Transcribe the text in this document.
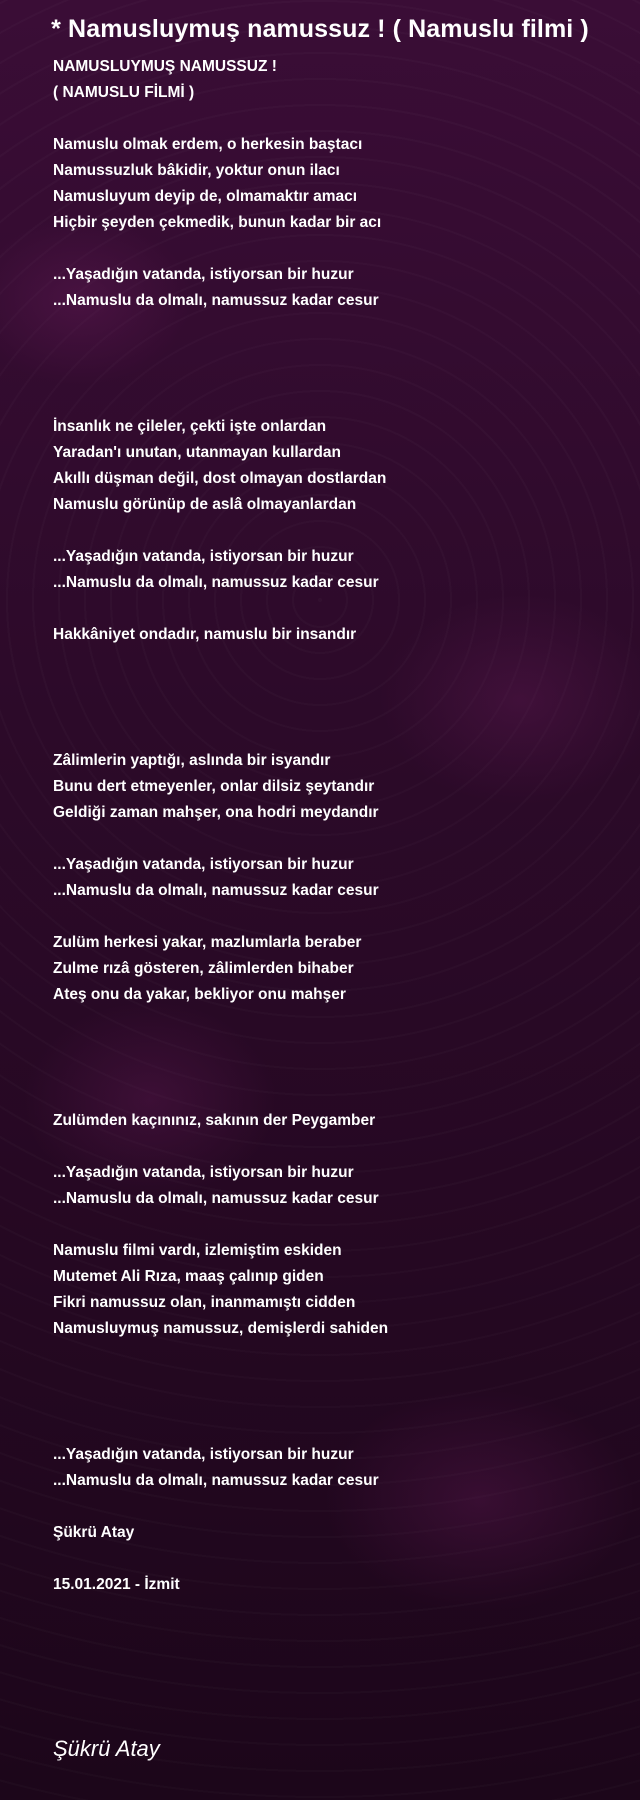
* Namusluymuş namussuz ! ( Namuslu filmi )
NAMUSLUYMUŞ NAMUSSUZ !
( NAMUSLU FİLMİ )
Namuslu olmak erdem, o herkesin baştacı
Namussuzluk bâkidir, yoktur onun ilacı
Namusluyum deyip de, olmamaktır amacı
Hiçbir şeyden çekmedik, bunun kadar bir acı
...Yaşadığın vatanda, istiyorsan bir huzur
...Namuslu da olmalı, namussuz kadar cesur
İnsanlık ne çileler, çekti işte onlardan
Yaradan'ı unutan, utanmayan kullardan
Akıllı düşman değil, dost olmayan dostlardan
Namuslu görünüp de aslâ olmayanlardan
...Yaşadığın vatanda, istiyorsan bir huzur
...Namuslu da olmalı, namussuz kadar cesur
Hakkâniyet ondadır, namuslu bir insandır
Zâlimlerin yaptığı, aslında bir isyandır
Bunu dert etmeyenler, onlar dilsiz şeytandır
Geldiği zaman mahşer, ona hodri meydandır
...Yaşadığın vatanda, istiyorsan bir huzur
...Namuslu da olmalı, namussuz kadar cesur
Zulüm herkesi yakar, mazlumlarla beraber
Zulme rızâ gösteren, zâlimlerden bihaber
Ateş onu da yakar, bekliyor onu mahşer
Zulümden kaçınınız, sakının der Peygamber
...Yaşadığın vatanda, istiyorsan bir huzur
...Namuslu da olmalı, namussuz kadar cesur
Namuslu filmi vardı, izlemiştim eskiden
Mutemet Ali Rıza, maaş çalınıp giden
Fikri namussuz olan, inanmamıştı cidden
Namusluymuş namussuz, demişlerdi sahiden
...Yaşadığın vatanda, istiyorsan bir huzur
...Namuslu da olmalı, namussuz kadar cesur
Şükrü Atay
15.01.2021 - İzmit
Şükrü Atay
